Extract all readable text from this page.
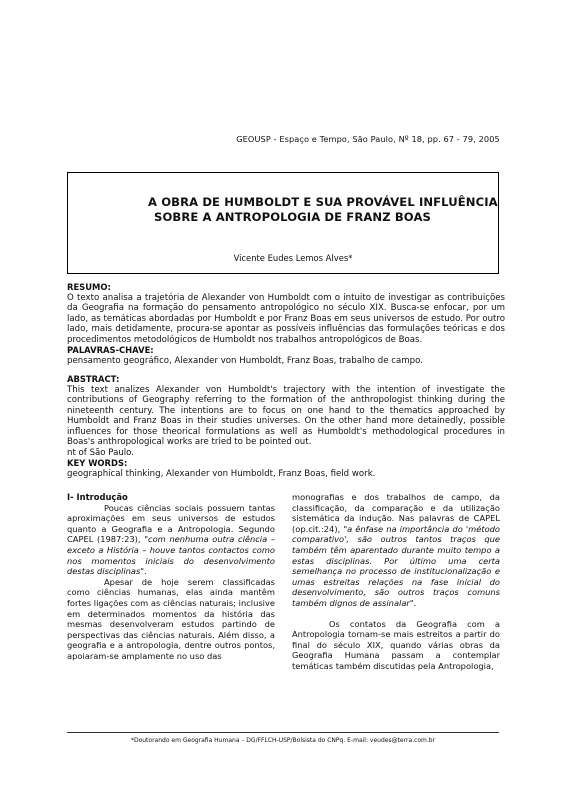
GEOUSP - Espaço e Tempo, São Paulo, Nº 18, pp. 67 - 79, 2005
A OBRA DE HUMBOLDT E SUA PROVÁVEL INFLUÊNCIA
SOBRE A ANTROPOLOGIA DE FRANZ BOAS
Vicente Eudes Lemos Alves*
RESUMO:
O texto analisa a trajetória de Alexander von Humboldt com o intuito de investigar as contribuições da Geografia na formação do pensamento antropológico no século XIX. Busca-se enfocar, por um lado, as temáticas abordadas por Humboldt e por Franz Boas em seus universos de estudo. Por outro lado, mais detidamente, procura-se apontar as possíveis influências das formulações teóricas e dos procedimentos metodológicos de Humboldt nos trabalhos antropológicos de Boas.
PALAVRAS-CHAVE:
pensamento geográfico, Alexander von Humboldt, Franz Boas, trabalho de campo.
ABSTRACT:
This text analizes Alexander von Humboldt's trajectory with the intention of investigate the contributions of Geography referring to the formation of the anthropologist thinking during the nineteenth century. The intentions are to focus on one hand to the thematics approached by Humboldt and Franz Boas in their studies universes. On the other hand more detainedly, possible influences for those theorical formulations as well as Humboldt's methodological procedures in Boas's anthropological works are tried to be pointed out.
nt of São Paulo.
KEY WORDS:
geographical thinking, Alexander von Humboldt, Franz Boas, field work.
I- Introdução

Poucas ciências sociais possuem tantas aproximações em seus universos de estudos quanto a Geografia e a Antropologia. Segundo CAPEL (1987:23), "com nenhuma outra ciência – exceto a História – houve tantos contactos como nos momentos iniciais do desenvolvimento destas disciplinas".

Apesar de hoje serem classificadas como ciências humanas, elas ainda mantêm fortes ligações com as ciências naturais; inclusive em determinados momentos da história das mesmas desenvolveram estudos partindo de perspectivas das ciências naturais. Além disso, a geografia e a antropologia, dentre outros pontos, apoiaram-se amplamente no uso das

monografias e dos trabalhos de campo, da classificação, da comparação e da utilização sistemática da indução. Nas palavras de CAPEL (op.cit.:24), "a ênfase na importância do 'método comparativo', são outros tantos traços que também têm aparentado durante muito tempo a estas disciplinas. Por último uma certa semelhança no processo de institucionalização e umas estreitas relações na fase inicial do desenvolvimento, são outros traços comuns também dignos de assinalar".

Os contatos da Geografia com a Antropologia tornam-se mais estreitos a partir do final do século XIX, quando várias obras da Geografia Humana passam a contemplar temáticas também discutidas pela Antropologia,

*Doutorando em Geografia Humana – DG/FFLCH-USP/Bolsista do CNPq. E-mail: veudes@terra.com.br
